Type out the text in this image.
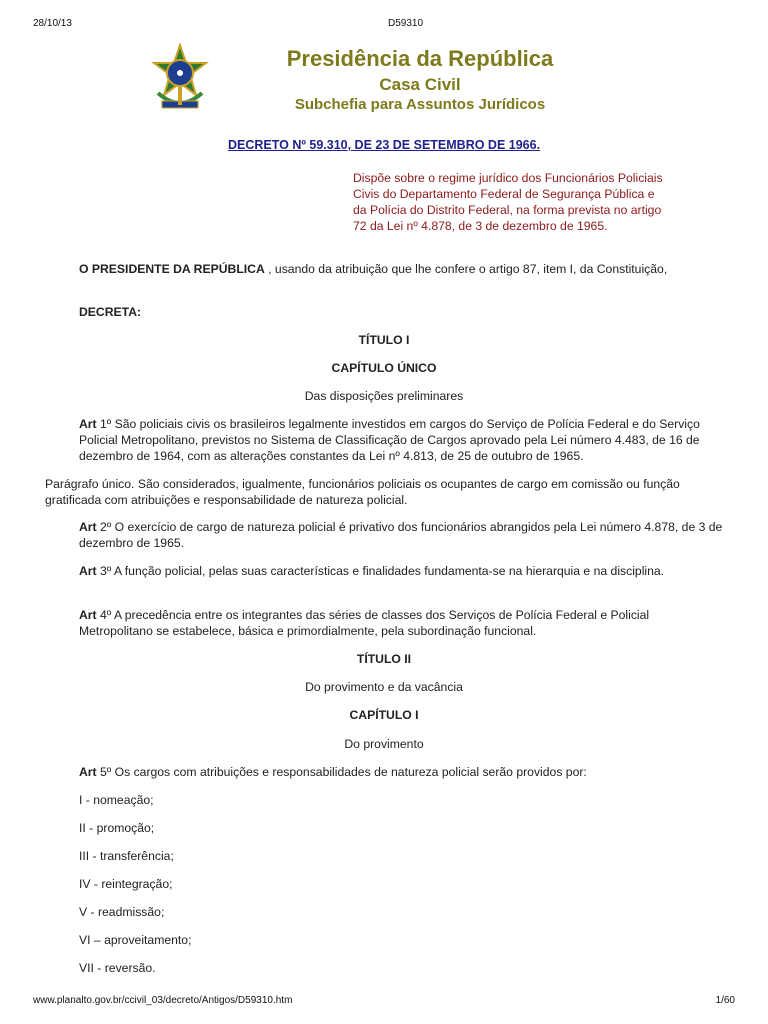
28/10/13	D59310
Presidência da República
Casa Civil
Subchefia para Assuntos Jurídicos
DECRETO Nº 59.310, DE 23 DE SETEMBRO DE 1966.
Dispõe sobre o regime jurídico dos Funcionários Policiais Civis do Departamento Federal de Segurança Pública e da Polícia do Distrito Federal, na forma prevista no artigo 72 da Lei nº 4.878, de 3 de dezembro de 1965.
O PRESIDENTE DA REPÚBLICA , usando da atribuição que lhe confere o artigo 87, item I, da Constituição,
DECRETA:
TÍTULO I
CAPÍTULO ÚNICO
Das disposições preliminares
Art 1º São policiais civis os brasileiros legalmente investidos em cargos do Serviço de Polícia Federal e do Serviço Policial Metropolitano, previstos no Sistema de Classificação de Cargos aprovado pela Lei número 4.483, de 16 de dezembro de 1964, com as alterações constantes da Lei nº 4.813, de 25 de outubro de 1965.
Parágrafo único. São considerados, igualmente, funcionários policiais os ocupantes de cargo em comissão ou função gratificada com atribuições e responsabilidade de natureza policial.
Art 2º O exercício de cargo de natureza policial é privativo dos funcionários abrangidos pela Lei número 4.878, de 3 de dezembro de 1965.
Art 3º A função policial, pelas suas características e finalidades fundamenta-se na hierarquia e na disciplina.
Art 4º A precedência entre os integrantes das séries de classes dos Serviços de Polícia Federal e Policial Metropolitano se estabelece, básica e primordialmente, pela subordinação funcional.
TÍTULO II
Do provimento e da vacância
CAPÍTULO I
Do provimento
Art 5º Os cargos com atribuições e responsabilidades de natureza policial serão providos por:
I - nomeação;
II - promoção;
III - transferência;
IV - reintegração;
V - readmissão;
VI – aproveitamento;
VII - reversão.
www.planalto.gov.br/ccivil_03/decreto/Antigos/D59310.htm	1/60
